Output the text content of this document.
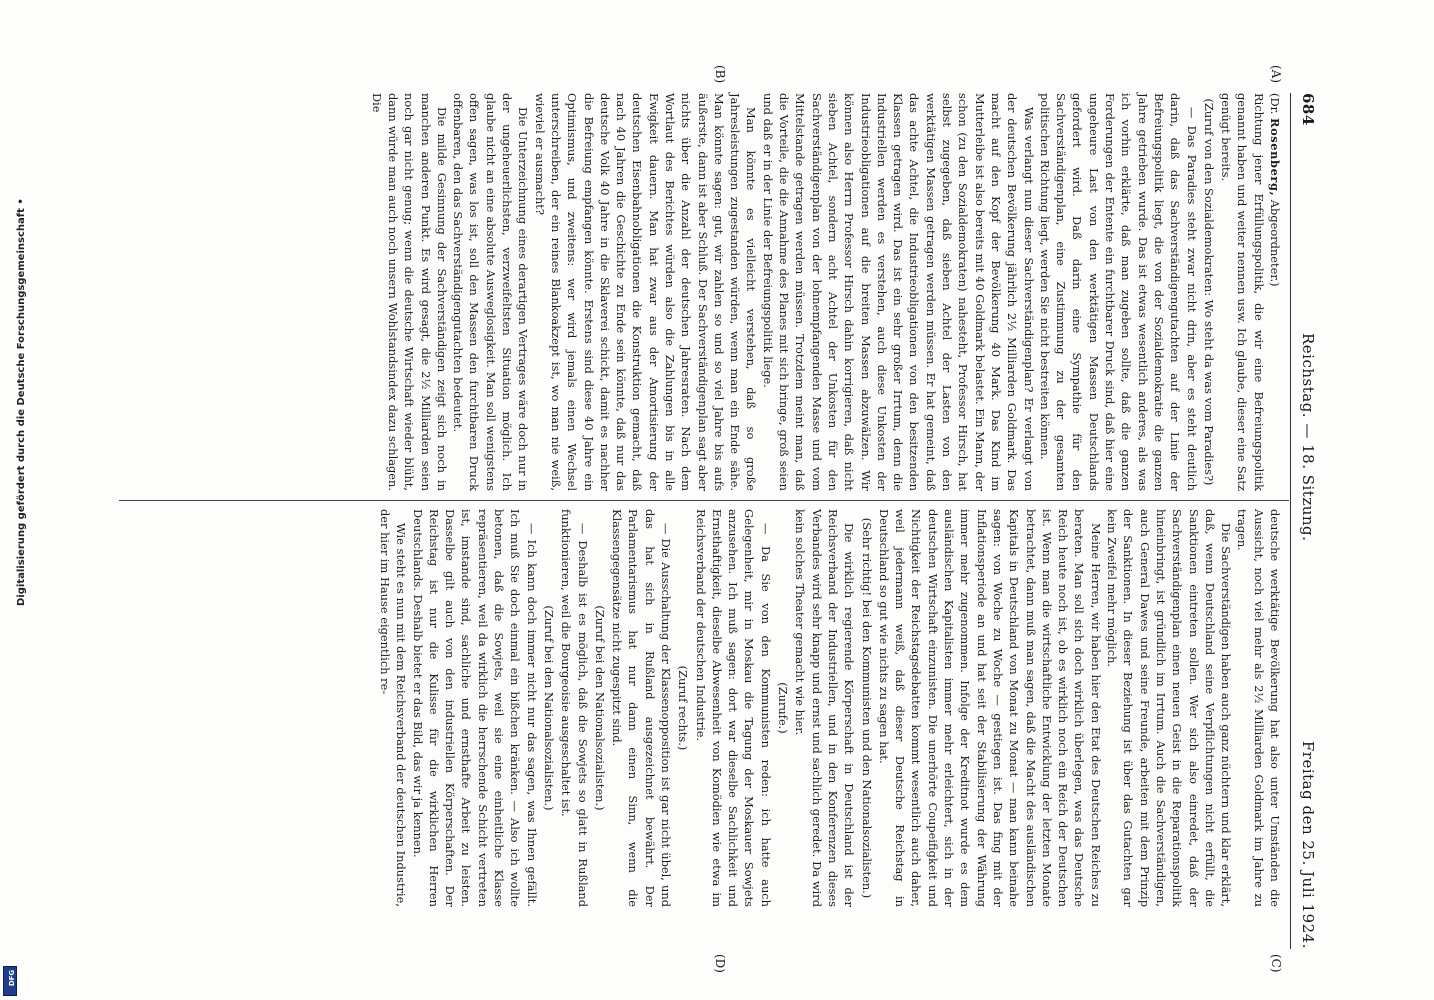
684
Reichstag. — 18. Sitzung.
Freitag den 25. Juli 1924.
(A)
(B)
(C)
(D)

(Dr. Rosenberg, Abgeordneter.)

Richtung jener Erfüllungspolitik, die wir eine Befreiungspolitik genannt haben und weiter nennen usw. Ich glaube, dieser eine Satz genügt bereits.

(Zuruf von den Sozialdemokraten: Wo steht da was vom Paradies?)

— Das Paradies steht zwar nicht drin, aber es steht deutlich darin, daß das Sachverständigengutachten auf der Linie der Befreiungspolitik liegt, die von der Sozialdemokratie die ganzen Jahre getrieben wurde. Das ist etwas wesentlich anderes, als was ich vorhin erklärte, daß man zugeben sollte, daß die ganzen Forderungen der Entente ein furchtbarer Druck sind, daß hier eine ungeheure Last von den werktätigen Massen Deutschlands gefordert wird. Daß darin eine Sympathie für den Sachverständigenplan, eine Zustimmung zu der gesamten politischen Richtung liegt, werden Sie nicht bestreiten können.

Was verlangt nun dieser Sachverständigenplan? Er verlangt von der deutschen Bevölkerung jährlich 2½ Milliarden Goldmark. Das macht auf den Kopf der Bevölkerung 40 Mark. Das Kind im Mutterleibe ist also bereits mit 40 Goldmark belastet. Ein Mann, der schon (zu den Sozialdemokraten) nahesteht, Professor Hirsch, hat selbst zugegeben, daß sieben Achtel der Lasten von den werktätigen Massen getragen werden müssen. Er hat gemeint, daß das achte Achtel, die Industrieobligationen von den besitzenden Klassen getragen wird. Das ist ein sehr großer Irrtum, denn die Industriellen werden es verstehen, auch diese Unkosten der Industrieobligationen auf die breiten Massen abzuwälzen. Wir können also Herrn Professor Hirsch dahin korrigieren, daß nicht sieben Achtel, sondern acht Achtel der Unkosten für den Sachverständigenplan von der lohnempfangenden Masse und vom Mittelstande getragen werden müssen. Trotzdem meint man, daß die Vorteile, die die Annahme des Planes mit sich bringe, groß seien und daß er in der Linie der Befreiungspolitik liege.

Man könnte es vielleicht verstehen, daß so große Jahresleistungen zugestanden würden, wenn man ein Ende sähe. Man könnte sagen: gut, wir zahlen so und so viel Jahre bis aufs äußerste, dann ist aber Schluß. Der Sachverständigenplan sagt aber nichts über die Anzahl der deutschen Jahresraten. Nach dem Wortlaut des Berichtes würden also die Zahlungen bis in alle Ewigkeit dauern. Man hat zwar aus der Amortisierung der deutschen Eisenbahnobligationen die Konstruktion gemacht, daß nach 40 Jahren die Geschichte zu Ende sein könnte, daß nur das deutsche Volk 40 Jahre in die Sklaverei schickt, damit es nachher die Befreiung empfangen könnte. Erstens sind diese 40 Jahre ein Optimismus, und zweitens: wer wird jemals einen Wechsel unterschreiben, der ein reines Blankoakzept ist, wo man nie weiß, wieviel er ausmacht?

Die Unterzeichnung eines derartigen Vertrages wäre doch nur in der ungeheuerlichsten, verzweifeltsten Situation möglich. Ich glaube nicht an eine absolute Ausweglosigkeit. Man soll wenigstens offen sagen, was los ist, soll den Massen den furchtbaren Druck offenbaren, den das Sachverständigengutachten bedeutet.

Die milde Gesinnung der Sachverständigen zeigt sich noch in manchen anderen Punkt. Es wird gesagt, die 2½ Milliarden seien noch gar nicht genug; wenn die deutsche Wirtschaft wieder blüht, dann würde man auch noch unsern Wohlstandsindex dazu schlagen. Die

deutsche werktätige Bevölkerung hat also unter Umständen die Aussicht, noch viel mehr als 2½ Milliarden Goldmark im Jahre zu tragen.

Die Sachverständigen haben auch ganz nüchtern und klar erklärt, daß, wenn Deutschland seine Verpflichtungen nicht erfüllt, die Sanktionen eintreten sollen. Wer sich also einredet, daß der Sachverständigenplan einen neuen Geist in die Reparationspolitik hineinbringt, ist gründlich im Irrtum. Auch die Sachverständigen, auch General Dawes und seine Freunde, arbeiten mit dem Prinzip der Sanktionen. In dieser Beziehung ist über das Gutachten gar kein Zweifel mehr möglich.

Meine Herren, wir haben hier den Etat des Deutschen Reiches zu beraten. Man soll sich doch wirklich überlegen, was das Deutsche Reich heute noch ist, ob es wirklich noch ein Reich der Deutschen ist. Wenn man die wirtschaftliche Entwicklung der letzten Monate betrachtet, dann muß man sagen, daß die Macht des ausländischen Kapitals in Deutschland von Monat zu Monat — man kann beinahe sagen: von Woche zu Woche — gestiegen ist. Das fing mit der Inflationsperiode an und hat seit der Stabilisierung der Währung immer mehr zugenommen. Infolge der Kreditnot wurde es dem ausländischen Kapitalisten immer mehr erleichtert, sich in der deutschen Wirtschaft einzunisten. Die unerhörte Coupeifigkeit und Nichtigkeit der Reichstagsdebatten kommt wesentlich auch daher, weil jedermann weiß, daß dieser Deutsche Reichstag in Deutschland so gut wie nichts zu sagen hat.

(Sehr richtig! bei den Kommunisten und den Nationalsozialisten.)

Die wirklich regierende Körperschaft in Deutschland ist der Reichsverband der Industriellen, und in den Konferenzen dieses Verbandes wird sehr knapp und ernst und sachlich geredet. Da wird kein solches Theater gemacht wie hier.

(Zurufe.)

— Da Sie von den Kommunisten reden: ich hatte auch Gelegenheit, mir in Moskau die Tagung der Moskauer Sowjets anzusehen. Ich muß sagen: dort war dieselbe Sachlichkeit und Ernsthaftigkeit, dieselbe Abwesenheit von Komödien wie etwa im Reichsverband der deutschen Industrie.

(Zuruf rechts.)

— Die Ausschaltung der Klassenopposition ist gar nicht übel, und das hat sich in Rußland ausgezeichnet bewährt. Der Parlamentarismus hat nur dann einen Sinn, wenn die Klassengegensätze nicht zugespitzt sind.

(Zuruf bei den Nationalsozialisten.)

— Deshalb ist es möglich, daß die Sowjets so glatt in Rußland funktionieren, weil die Bourgeoisie ausgeschaltet ist.

(Zuruf bei den Nationalsozialisten.)

— Ich kann doch immer nicht nur das sagen, was Ihnen gefällt. Ich muß Sie doch einmal ein bißchen kränken. — Also ich wollte betonen, daß die Sowjets, weil sie eine einheitliche Klasse repräsentieren, weil da wirklich die herrschende Schicht vertreten ist, imstande sind, sachliche und ernsthafte Arbeit zu leisten. Dasselbe gilt auch von den industriellen Körperschaften. Der Reichstag ist nur die Kulisse für die wirklichen Herren Deutschlands. Deshalb bietet er das Bild, das wir ja kennen.

Wie steht es nun mit dem Reichsverband der deutschen Industrie, der hier im Hause eigentlich re-

Digitalisierung gefördert durch die Deutsche Forschungsgemeinschaft •
DFG
